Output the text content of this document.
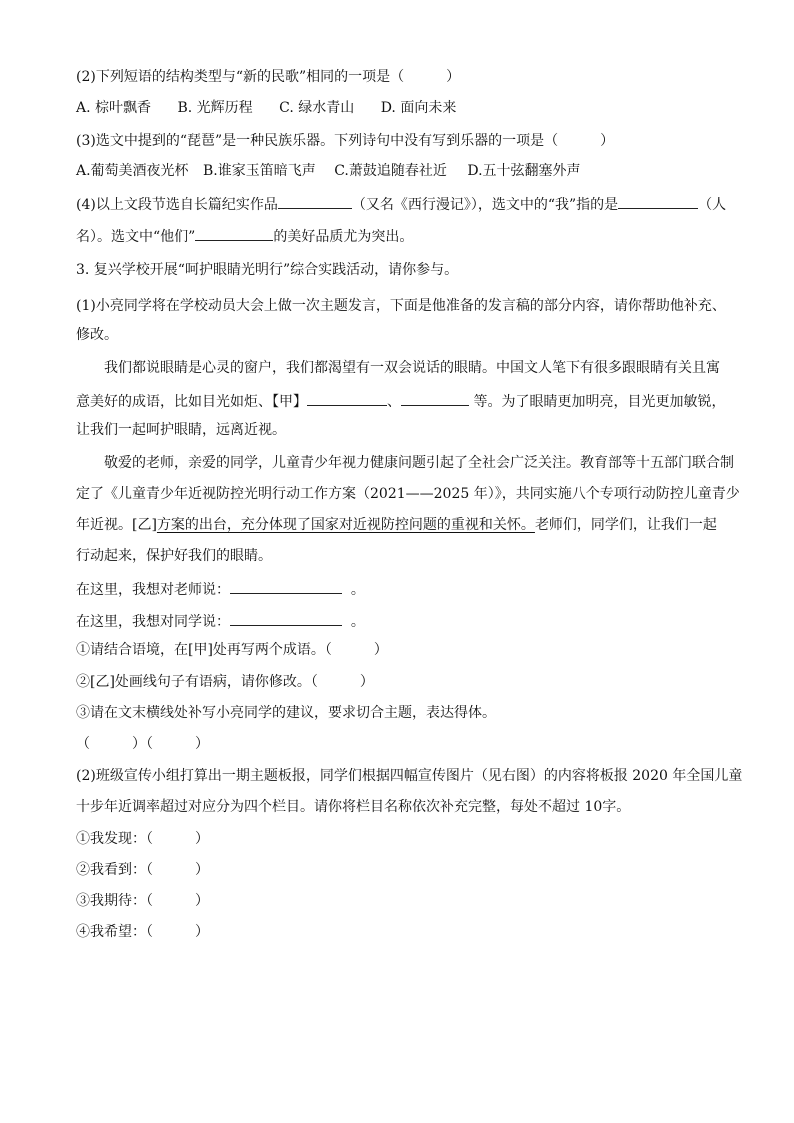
(2)下列短语的结构类型与“新的民歌”相同的一项是（　　　）
A. 棕叶飘香 B. 光辉历程 C. 绿水青山 D. 面向未来
(3)选文中提到的“琵琶”是一种民族乐器。下列诗句中没有写到乐器的一项是（　　　）
A.葡萄美酒夜光杯 B.谁家玉笛暗飞声 C.萧鼓追随春社近 D.五十弦翻塞外声
(4)以上文段节选自长篇纪实作品	（又名《西行漫记》），选文中的“我”指的是	（人
名）。选文中“他们”	的美好品质尤为突出。
3. 复兴学校开展“呵护眼睛光明行”综合实践活动，请你参与。
(1)小亮同学将在学校动员大会上做一次主题发言，下面是他准备的发言稿的部分内容，请你帮助他补充、
修改。
我们都说眼睛是心灵的窗户，我们都渴望有一双会说话的眼睛。中国文人笔下有很多跟眼睛有关且寓
意美好的成语，比如目光如炬、【甲】	、	等。为了眼睛更加明亮，目光更加敏锐，
让我们一起呵护眼睛，远离近视。
敬爱的老师，亲爱的同学，儿童青少年视力健康问题引起了全社会广泛关注。教育部等十五部门联合制
定了《儿童青少年近视防控光明行动工作方案（2021——2025 年）》，共同实施八个专项行动防控儿童青少
年近视。[乙]方案的出台，充分体现了国家对近视防控问题的重视和关怀。老师们，同学们，让我们一起
行动起来，保护好我们的眼睛。
在这里，我想对老师说：	。
在这里，我想对同学说：	。
①请结合语境，在[甲]处再写两个成语。（　　　）
②[乙]处画线句子有语病，请你修改。（　　　）
③请在文末横线处补写小亮同学的建议，要求切合主题，表达得体。
（　　　）（　　　）
(2)班级宣传小组打算出一期主题板报，同学们根据四幅宣传图片（见右图）的内容将板报 2020 年全国儿童
十步年近调率超过对应分为四个栏目。请你将栏目名称依次补充完整，每处不超过 10字。
①我发现：（　　　）
②我看到：（　　　）
③我期待：（　　　）
④我希望：（　　　）
